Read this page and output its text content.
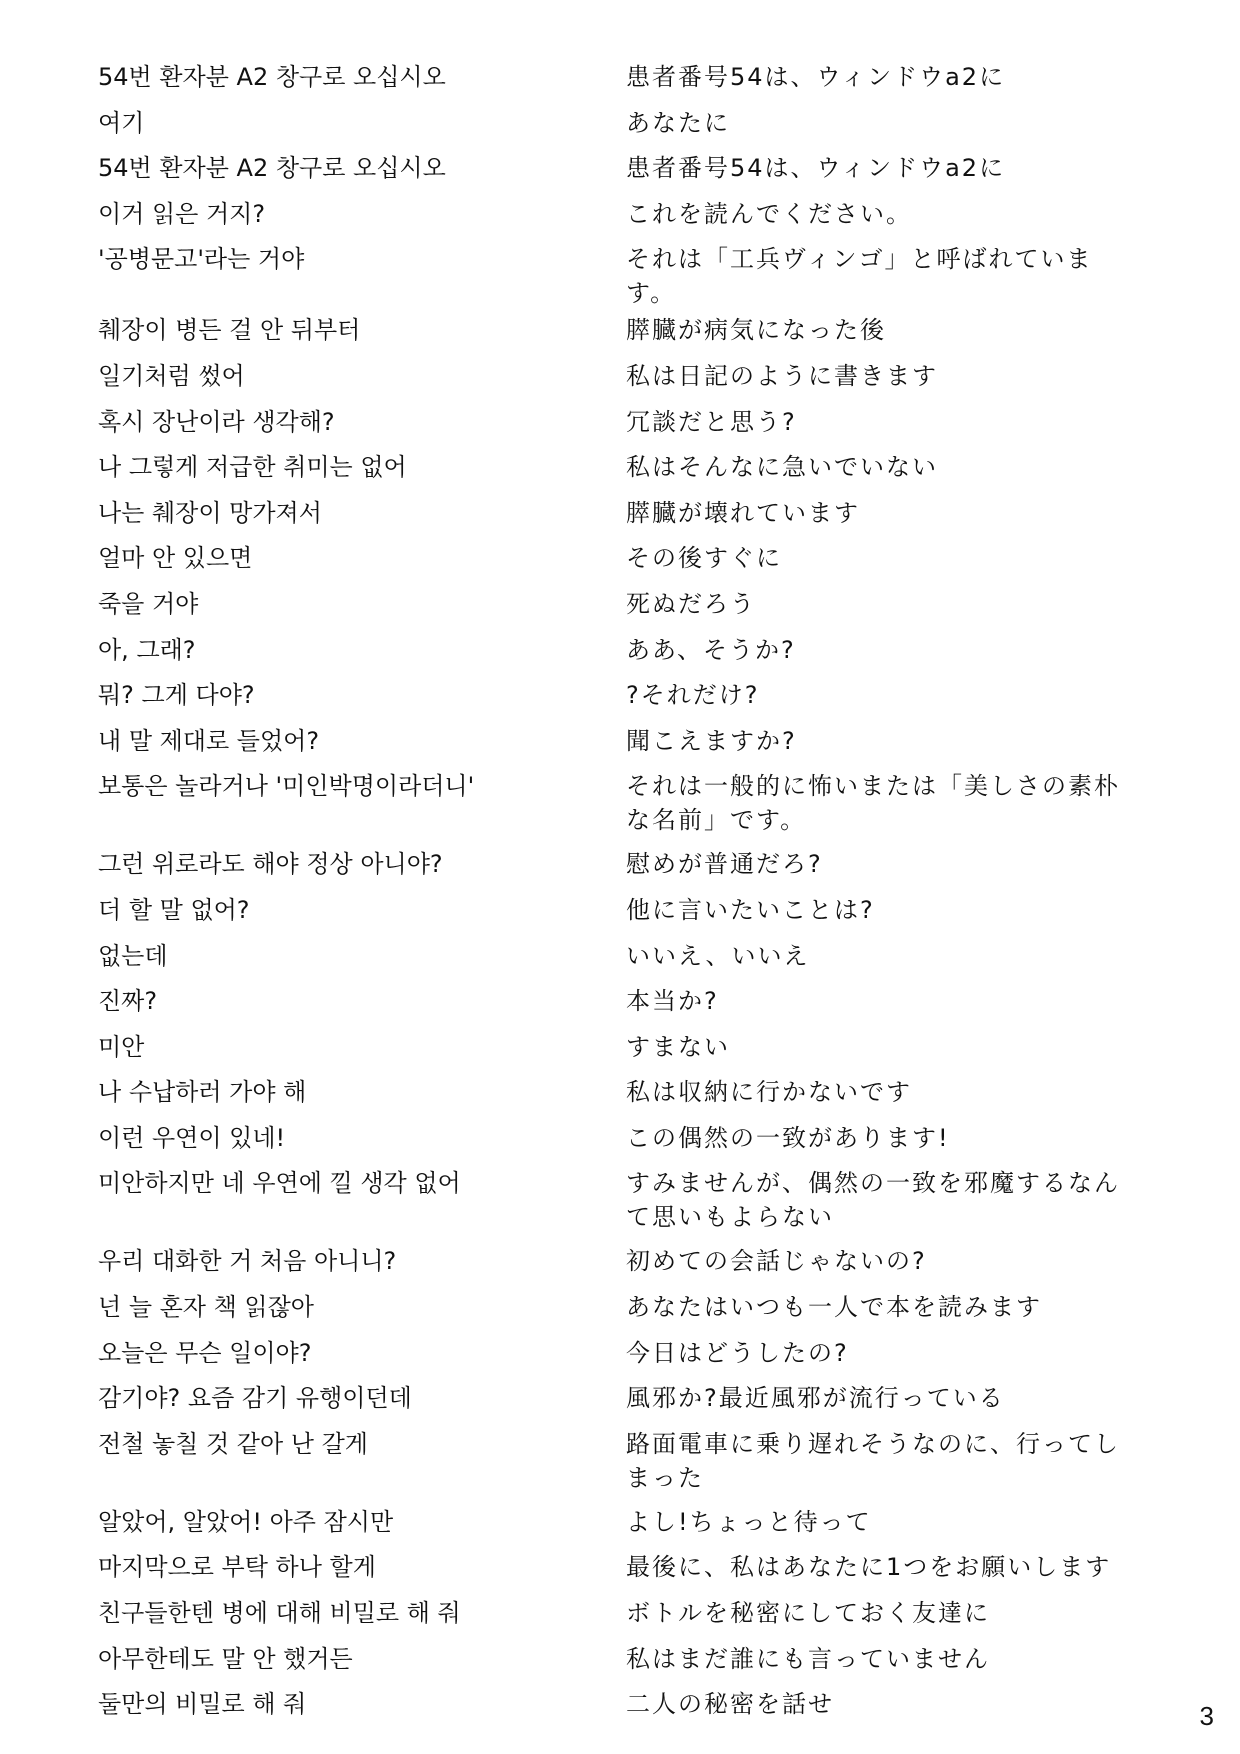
54번 환자분 A2 창구로 오십시오	患者番号54は、ウィンドウa2に
여기	あなたに
54번 환자분 A2 창구로 오십시오	患者番号54は、ウィンドウa2に
이거 읽은 거지?	これを読んでください。
'공병문고'라는 거야	それは「工兵ヴィンゴ」と呼ばれています。
췌장이 병든 걸 안 뒤부터	膵臓が病気になった後
일기처럼 썼어	私は日記のように書きます
혹시 장난이라 생각해?	冗談だと思う?
나 그렇게 저급한 취미는 없어	私はそんなに急いでいない
나는 췌장이 망가져서	膵臓が壊れています
얼마 안 있으면	その後すぐに
죽을 거야	死ぬだろう
아, 그래?	ああ、そうか?
뭐? 그게 다야?	?それだけ?
내 말 제대로 들었어?	聞こえますか?
보통은 놀라거나 '미인박명이라더니'	それは一般的に怖いまたは「美しさの素朴な名前」です。
그런 위로라도 해야 정상 아니야?	慰めが普通だろ?
더 할 말 없어?	他に言いたいことは?
없는데	いいえ、いいえ
진짜?	本当か?
미안	すまない
나 수납하러 가야 해	私は収納に行かないです
이런 우연이 있네!	この偶然の一致があります!
미안하지만 네 우연에 낄 생각 없어	すみませんが、偶然の一致を邪魔するなんて思いもよらない
우리 대화한 거 처음 아니니?	初めての会話じゃないの?
넌 늘 혼자 책 읽잖아	あなたはいつも一人で本を読みます
오늘은 무슨 일이야?	今日はどうしたの?
감기야? 요즘 감기 유행이던데	風邪か?最近風邪が流行っている
전철 놓칠 것 같아 난 갈게	路面電車に乗り遅れそうなのに、行ってしまった
알았어, 알았어! 아주 잠시만	よし!ちょっと待って
마지막으로 부탁 하나 할게	最後に、私はあなたに1つをお願いします
친구들한텐 병에 대해 비밀로 해 줘	ボトルを秘密にしておく友達に
아무한테도 말 안 했거든	私はまだ誰にも言っていません
둘만의 비밀로 해 줘	二人の秘密を話せ	3
